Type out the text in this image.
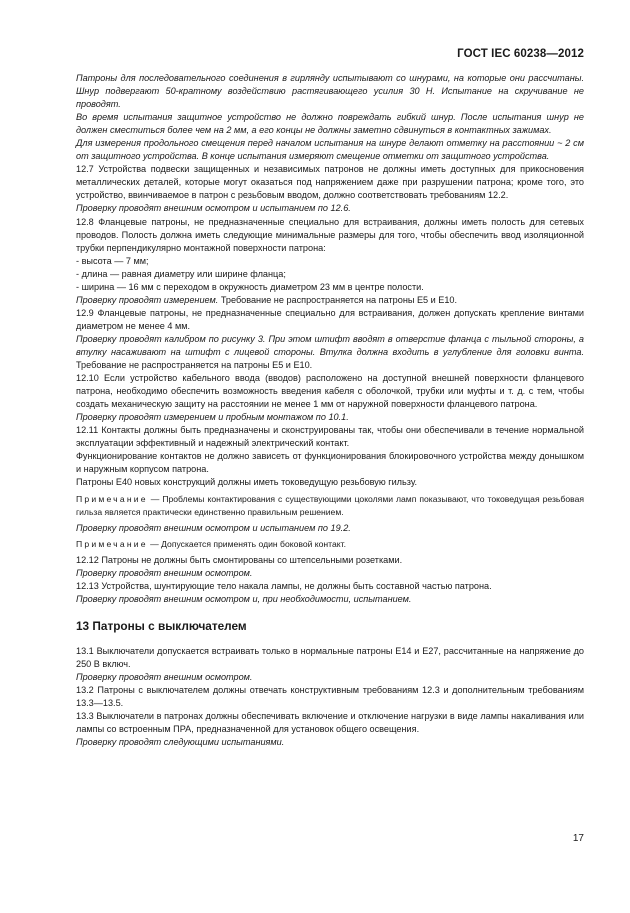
ГОСТ IEC 60238—2012
Патроны для последовательного соединения в гирлянду испытывают со шнурами, на которые они рассчитаны. Шнур подвергают 50-кратному воздействию растягивающего усилия 30 Н. Испытание на скручивание не проводят.
Во время испытания защитное устройство не должно повреждать гибкий шнур. После испытания шнур не должен сместиться более чем на 2 мм, а его концы не должны заметно сдвинуться в контактных зажимах.
Для измерения продольного смещения перед началом испытания на шнуре делают отметку на расстоянии ~ 2 см от защитного устройства. В конце испытания измеряют смещение отметки от защитного устройства.
12.7 Устройства подвески защищенных и независимых патронов не должны иметь доступных для прикосновения металлических деталей, которые могут оказаться под напряжением даже при разрушении патрона; кроме того, это устройство, ввинчиваемое в патрон с резьбовым вводом, должно соответствовать требованиям 12.2.
Проверку проводят внешним осмотром и испытанием по 12.6.
12.8 Фланцевые патроны, не предназначенные специально для встраивания, должны иметь полость для сетевых проводов. Полость должна иметь следующие минимальные размеры для того, чтобы обеспечить ввод изоляционной трубки перпендикулярно монтажной поверхности патрона:
- высота — 7 мм;
- длина — равная диаметру или ширине фланца;
- ширина — 16 мм с переходом в окружность диаметром 23 мм в центре полости.
Проверку проводят измерением. Требование не распространяется на патроны Е5 и Е10.
12.9 Фланцевые патроны, не предназначенные специально для встраивания, должен допускать крепление винтами диаметром не менее 4 мм.
Проверку проводят калибром по рисунку 3. При этом штифт вводят в отверстие фланца с тыльной стороны, а втулку насаживают на штифт с лицевой стороны. Втулка должна входить в углубление для головки винта. Требование не распространяется на патроны Е5 и Е10.
12.10 Если устройство кабельного ввода (вводов) расположено на доступной внешней поверхности фланцевого патрона, необходимо обеспечить возможность введения кабеля с оболочкой, трубки или муфты и т. д. с тем, чтобы создать механическую защиту на расстоянии не менее 1 мм от наружной поверхности фланцевого патрона.
Проверку проводят измерением и пробным монтажом по 10.1.
12.11 Контакты должны быть предназначены и сконструированы так, чтобы они обеспечивали в течение нормальной эксплуатации эффективный и надежный электрический контакт.
Функционирование контактов не должно зависеть от функционирования блокировочного устройства между донышком и наружным корпусом патрона.
Патроны Е40 новых конструкций должны иметь токоведущую резьбовую гильзу.
Примечание — Проблемы контактирования с существующими цоколями ламп показывают, что токоведущая резьбовая гильза является практически единственно правильным решением.
Проверку проводят внешним осмотром и испытанием по 19.2.
Примечание — Допускается применять один боковой контакт.
12.12 Патроны не должны быть смонтированы со штепсельными розетками.
Проверку проводят внешним осмотром.
12.13 Устройства, шунтирующие тело накала лампы, не должны быть составной частью патрона.
Проверку проводят внешним осмотром и, при необходимости, испытанием.
13 Патроны с выключателем
13.1 Выключатели допускается встраивать только в нормальные патроны Е14 и Е27, рассчитанные на напряжение до 250 В включ.
Проверку проводят внешним осмотром.
13.2 Патроны с выключателем должны отвечать конструктивным требованиям 12.3 и дополнительным требованиям 13.3—13.5.
13.3 Выключатели в патронах должны обеспечивать включение и отключение нагрузки в виде лампы накаливания или лампы со встроенным ПРА, предназначенной для установок общего освещения.
Проверку проводят следующими испытаниями.
17
